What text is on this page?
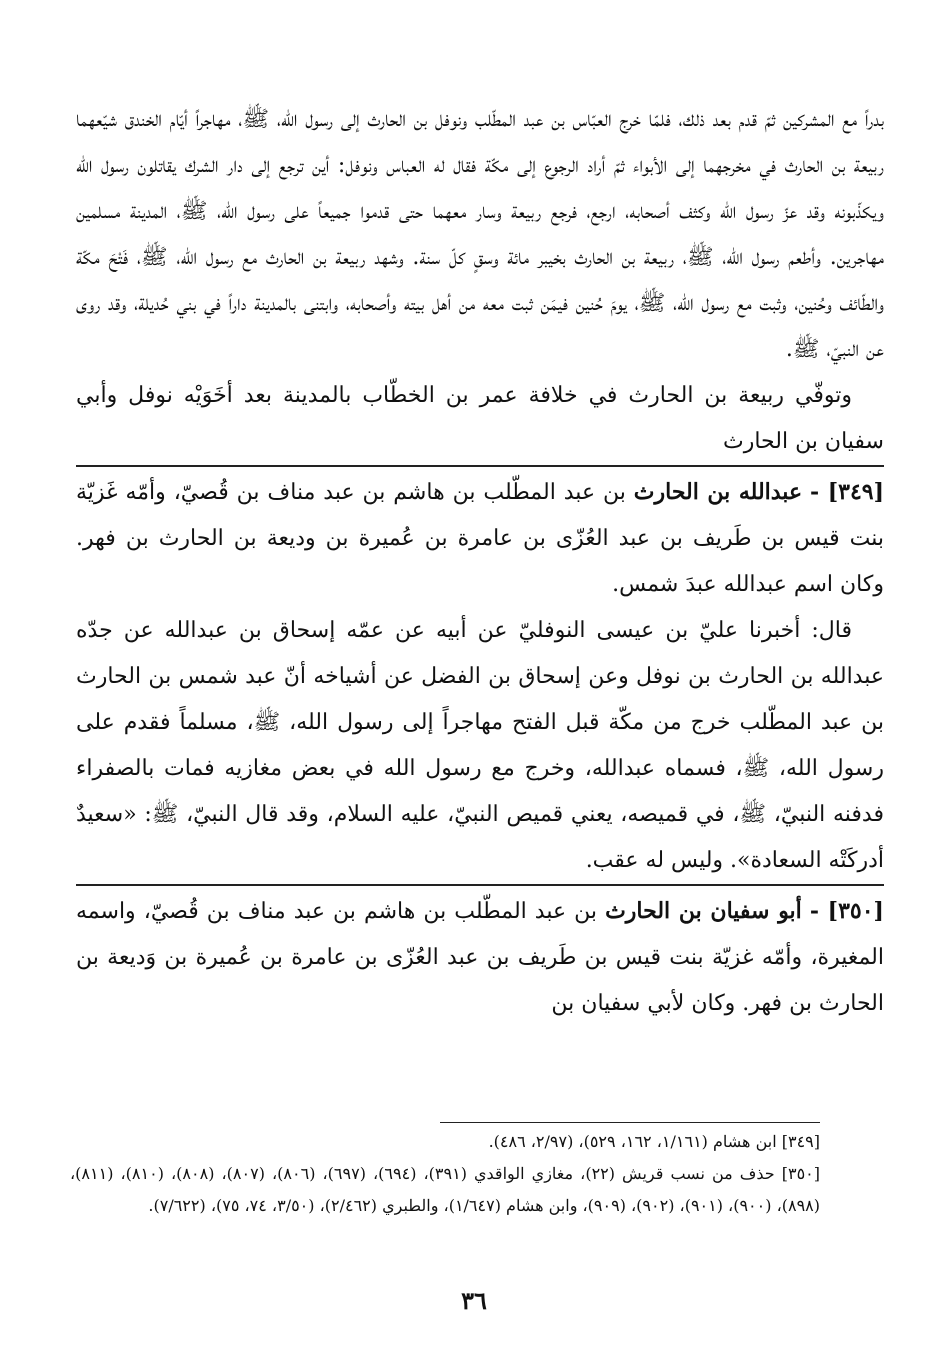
بدراً مع المشركين ثمّ قدم بعد ذلك، فلمّا خرج العبّاس بن عبد المطّلب ونوفل بن الحارث إلى رسول الله، ﷺ، مهاجراً أيّام الخندق شيّعهما ربيعة بن الحارث في مخرجهما إلى الأبواء ثمّ أراد الرجوع إلى مكّة فقال له العباس ونوفل: أين ترجع إلى دار الشرك يقاتلون رسول الله ويكذّبونه وقد عزّ رسول الله وكثف أصحابه، ارجع، فرجع ربيعة وسار معهما حتى قدموا جميعاً على رسول الله، ﷺ، المدينة مسلمين مهاجرين. وأطعم رسول الله، ﷺ، ربيعة بن الحارث بخيبر مائة وسقٍ كلّ سنة. وشهد ربيعة بن الحارث مع رسول الله، ﷺ، فَتْحَ مكّة والطّائف وحُنين، وثبت مع رسول الله، ﷺ، يومَ حُنين فيمَن ثبت معه من أهل بيته وأصحابه، وابتنى بالمدينة داراً في بني حُديلة، وقد روى عن النبيّ، ﷺ.

وتوفّي ربيعة بن الحارث في خلافة عمر بن الخطّاب بالمدينة بعد أخَوَيْه نوفل وأبي سفيان بن الحارث

[٣٤٩] - عبدالله بن الحارث بن عبد المطّلب بن هاشم بن عبد مناف بن قُصيّ، وأمّه غَزيّة بنت قيس بن طَريف بن عبد العُزّى بن عامرة بن عُميرة بن وديعة بن الحارث بن فهر. وكان اسم عبدالله عبدَ شمس.

قال: أخبرنا عليّ بن عيسى النوفليّ عن أبيه عن عمّه إسحاق بن عبدالله عن جدّه عبدالله بن الحارث بن نوفل وعن إسحاق بن الفضل عن أشياخه أنّ عبد شمس بن الحارث بن عبد المطّلب خرج من مكّة قبل الفتح مهاجراً إلى رسول الله، ﷺ، مسلماً فقدم على رسول الله، ﷺ، فسماه عبدالله، وخرج مع رسول الله في بعض مغازيه فمات بالصفراء فدفنه النبيّ، ﷺ، في قميصه، يعني قميص النبيّ، عليه السلام، وقد قال النبيّ، ﷺ: «سعيدٌ أدركَتْه السعادة». وليس له عقب.

[٣٥٠] - أبو سفيان بن الحارث بن عبد المطّلب بن هاشم بن عبد مناف بن قُصيّ، واسمه المغيرة، وأمّه غزيّة بنت قيس بن طَريف بن عبد العُزّى بن عامرة بن عُميرة بن وَديعة بن الحارث بن فهر. وكان لأبي سفيان بن

[٣٤٩] ابن هشام (١/١٦١، ١٦٢، ٥٢٩)، (٢/٩٧، ٤٨٦).

[٣٥٠] حذف من نسب قريش (٢٢)، مغازي الواقدي (٣٩١)، (٦٩٤)، (٦٩٧)، (٨٠٦)، (٨٠٧)، (٨٠٨)، (٨١٠)، (٨١١)، (٨٩٨)، (٩٠٠)، (٩٠١)، (٩٠٢)، (٩٠٩)، وابن هشام (١/٦٤٧)، والطبري (٢/٤٦٢)، (٣/٥٠، ٧٤، ٧٥)، (٧/٦٢٢).

٣٦
